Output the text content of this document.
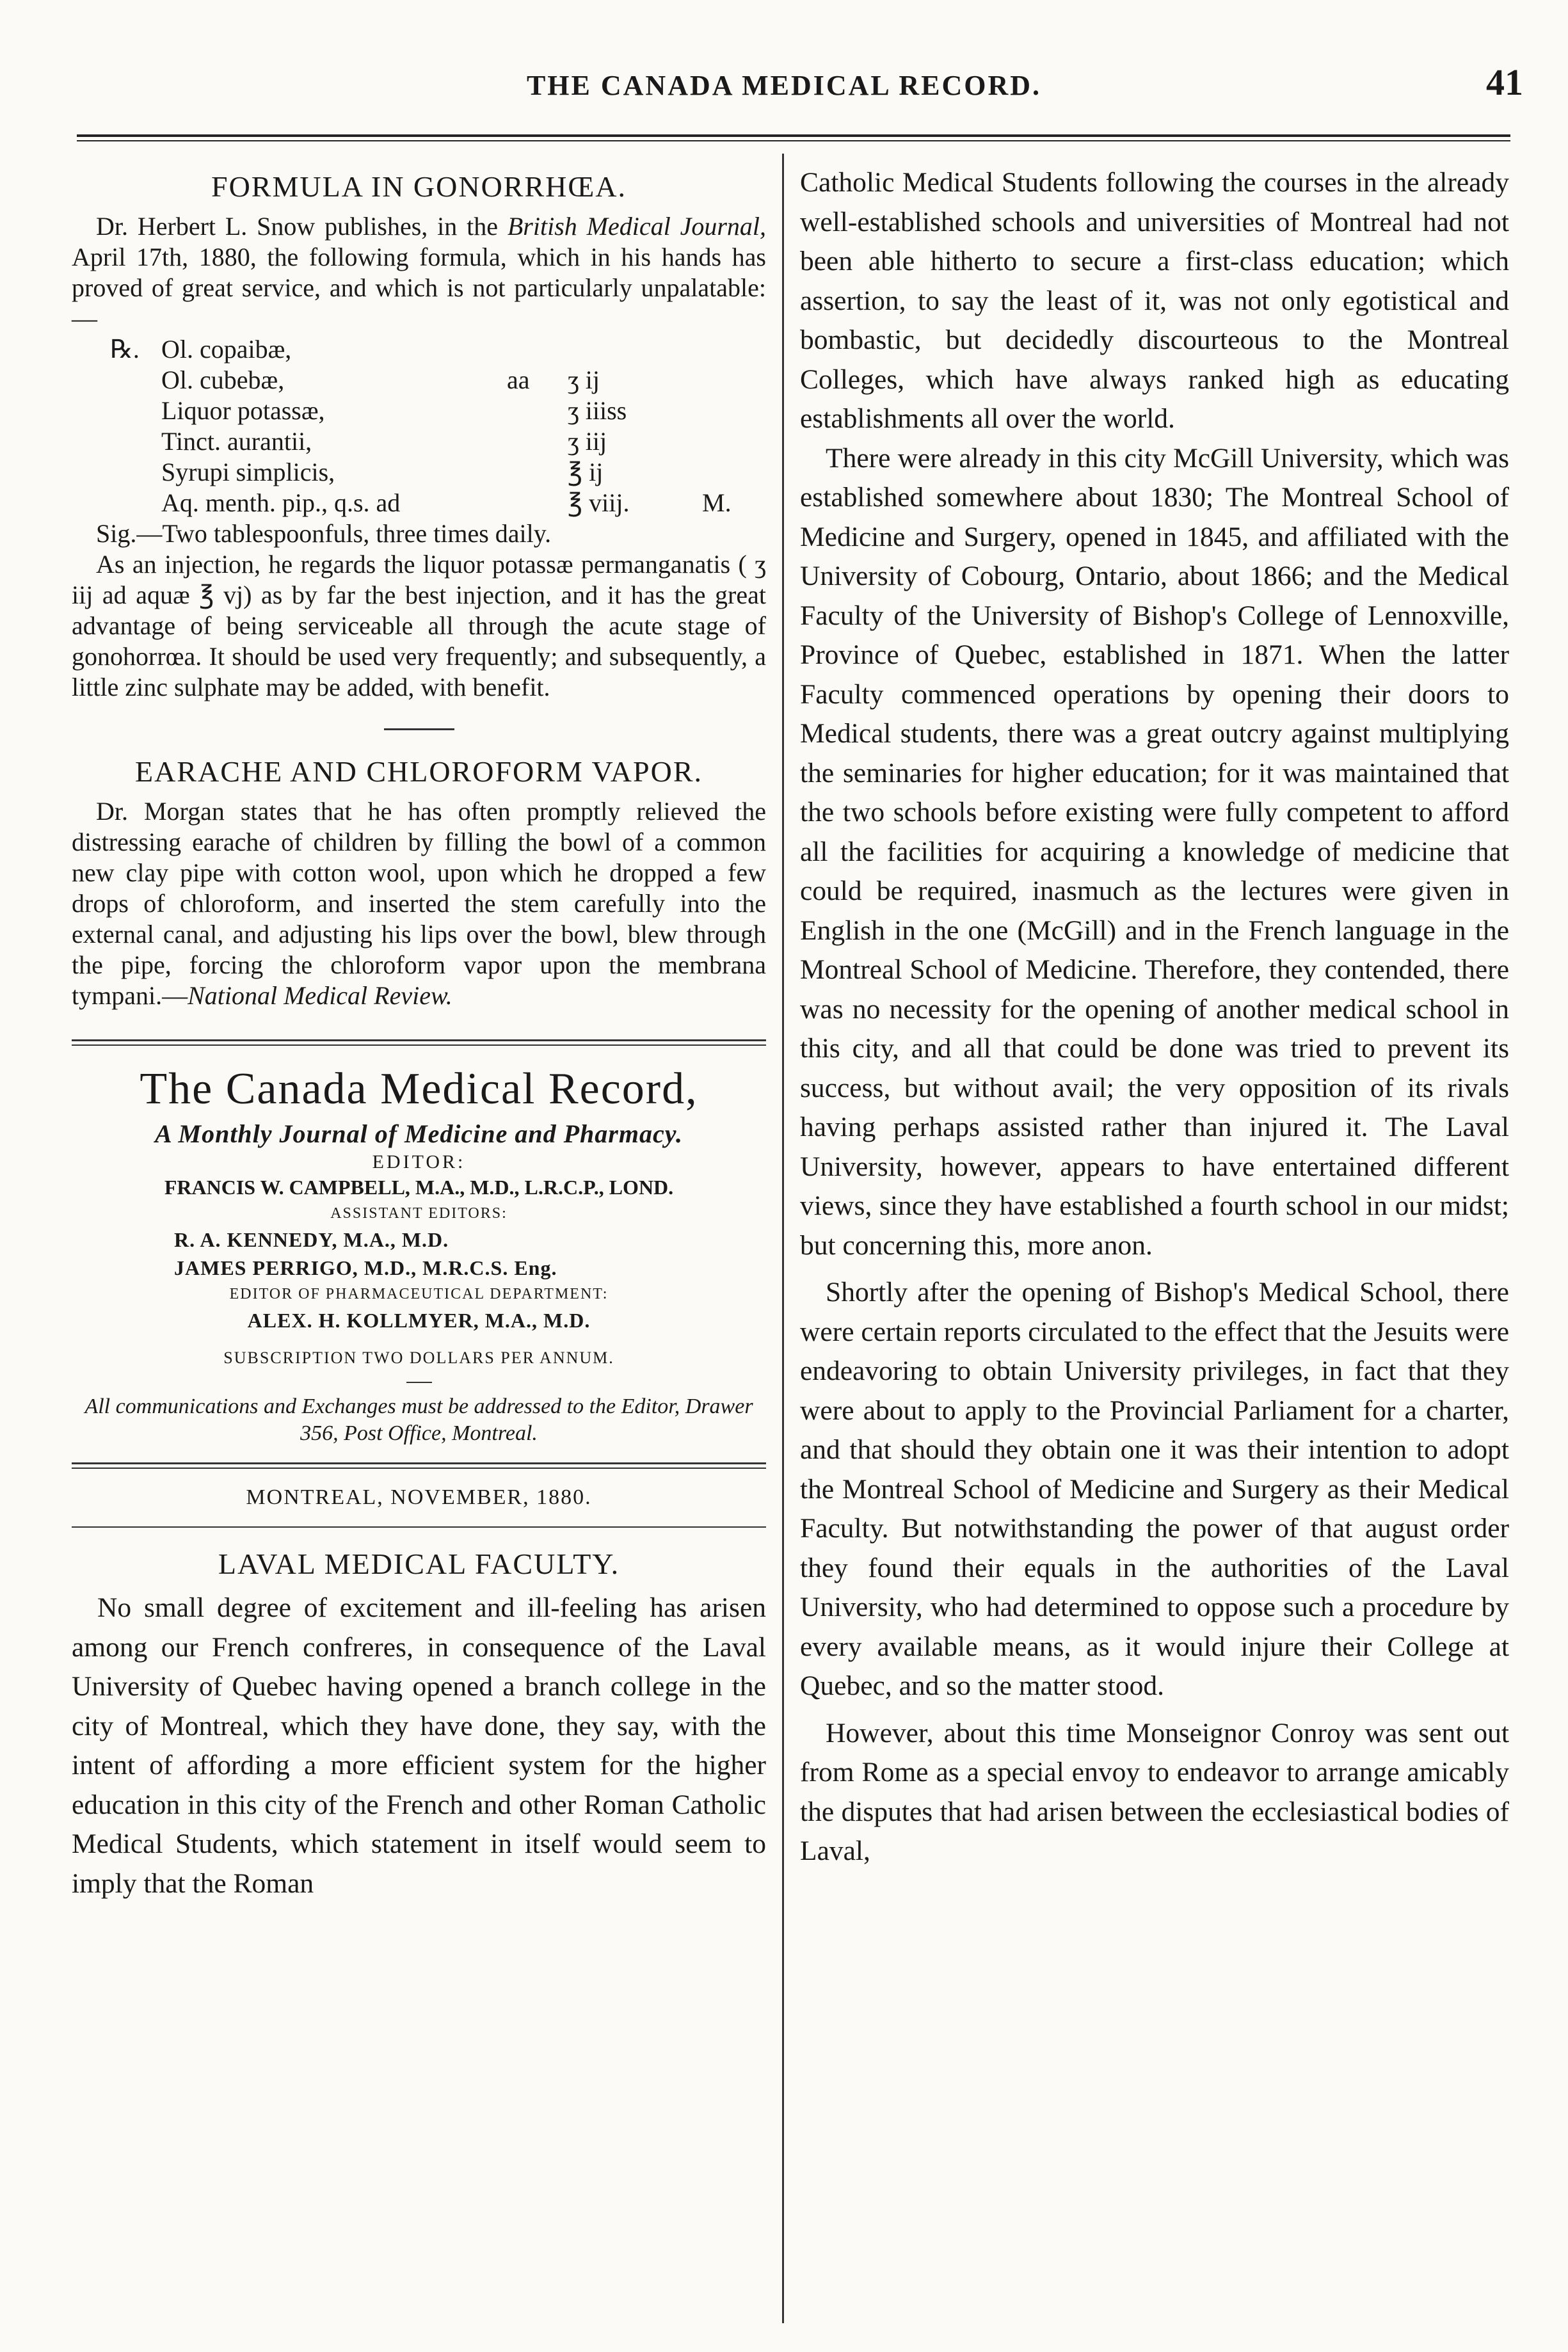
THE CANADA MEDICAL RECORD.	41
FORMULA IN GONORRHŒA.

Dr. Herbert L. Snow publishes, in the British Medical Journal, April 17th, 1880, the following formula, which in his hands has proved of great service, and which is not particularly unpalatable:—

℞. Ol. copaibæ,
Ol. cubebæ,	aa	ʒ ij
Liquor potassæ,	ʒ iiiss
Tinct. aurantii,	ʒ iij
Syrupi simplicis,	℥ ij
Aq. menth. pip., q.s. ad	℥ viij.	M.

Sig.—Two tablespoonfuls, three times daily.

As an injection, he regards the liquor potassæ permanganatis ( ʒ iij ad aquæ ℥ vj) as by far the best injection, and it has the great advantage of being serviceable all through the acute stage of gonohorrœa. It should be used very frequently; and subsequently, a little zinc sulphate may be added, with benefit.

EARACHE AND CHLOROFORM VAPOR.

Dr. Morgan states that he has often promptly relieved the distressing earache of children by filling the bowl of a common new clay pipe with cotton wool, upon which he dropped a few drops of chloroform, and inserted the stem carefully into the external canal, and adjusting his lips over the bowl, blew through the pipe, forcing the chloroform vapor upon the membrana tympani.—National Medical Review.

The Canada Medical Record,
A Monthly Journal of Medicine and Pharmacy.
EDITOR:
FRANCIS W. CAMPBELL, M.A., M.D., L.R.C.P., LOND.
ASSISTANT EDITORS:
R. A. KENNEDY, M.A., M.D.
JAMES PERRIGO, M.D., M.R.C.S. Eng.
EDITOR OF PHARMACEUTICAL DEPARTMENT:
ALEX. H. KOLLMYER, M.A., M.D.
SUBSCRIPTION TWO DOLLARS PER ANNUM.
All communications and Exchanges must be addressed to the Editor, Drawer 356, Post Office, Montreal.
MONTREAL, NOVEMBER, 1880.
LAVAL MEDICAL FACULTY.

No small degree of excitement and ill-feeling has arisen among our French confreres, in consequence of the Laval University of Quebec having opened a branch college in the city of Montreal, which they have done, they say, with the intent of affording a more efficient system for the higher education in this city of the French and other Roman Catholic Medical Students, which statement in itself would seem to imply that the Roman

Catholic Medical Students following the courses in the already well-established schools and universities of Montreal had not been able hitherto to secure a first-class education; which assertion, to say the least of it, was not only egotistical and bombastic, but decidedly discourteous to the Montreal Colleges, which have always ranked high as educating establishments all over the world.

There were already in this city McGill University, which was established somewhere about 1830; The Montreal School of Medicine and Surgery, opened in 1845, and affiliated with the University of Cobourg, Ontario, about 1866; and the Medical Faculty of the University of Bishop's College of Lennoxville, Province of Quebec, established in 1871. When the latter Faculty commenced operations by opening their doors to Medical students, there was a great outcry against multiplying the seminaries for higher education; for it was maintained that the two schools before existing were fully competent to afford all the facilities for acquiring a knowledge of medicine that could be required, inasmuch as the lectures were given in English in the one (McGill) and in the French language in the Montreal School of Medicine. Therefore, they contended, there was no necessity for the opening of another medical school in this city, and all that could be done was tried to prevent its success, but without avail; the very opposition of its rivals having perhaps assisted rather than injured it. The Laval University, however, appears to have entertained different views, since they have established a fourth school in our midst; but concerning this, more anon.

Shortly after the opening of Bishop's Medical School, there were certain reports circulated to the effect that the Jesuits were endeavoring to obtain University privileges, in fact that they were about to apply to the Provincial Parliament for a charter, and that should they obtain one it was their intention to adopt the Montreal School of Medicine and Surgery as their Medical Faculty. But notwithstanding the power of that august order they found their equals in the authorities of the Laval University, who had determined to oppose such a procedure by every available means, as it would injure their College at Quebec, and so the matter stood.

However, about this time Monseignor Conroy was sent out from Rome as a special envoy to endeavor to arrange amicably the disputes that had arisen between the ecclesiastical bodies of Laval,
